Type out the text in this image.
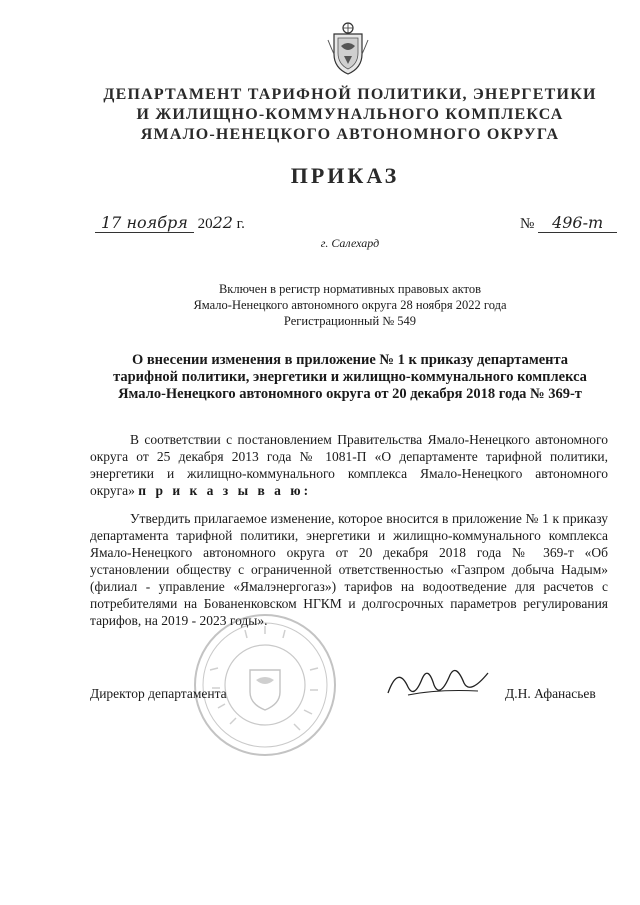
ДЕПАРТАМЕНТ ТАРИФНОЙ ПОЛИТИКИ, ЭНЕРГЕТИКИ
И ЖИЛИЩНО-КОММУНАЛЬНОГО КОМПЛЕКСА
ЯМАЛО-НЕНЕЦКОГО АВТОНОМНОГО ОКРУГА
ПРИКАЗ
17 ноября 2022 г.	№ 496-т
г. Салехард
Включен в регистр нормативных правовых актов
Ямало-Ненецкого автономного округа 28 ноября 2022 года
Регистрационный № 549
О внесении изменения в приложение № 1 к приказу департамента
тарифной политики, энергетики и жилищно-коммунального комплекса
Ямало-Ненецкого автономного округа от 20 декабря 2018 года № 369-т
В соответствии с постановлением Правительства Ямало-Ненецкого автономного округа от 25 декабря 2013 года № 1081-П «О департаменте тарифной политики, энергетики и жилищно-коммунального комплекса Ямало-Ненецкого автономного округа» п р и к а з ы в а ю:
Утвердить прилагаемое изменение, которое вносится в приложение № 1 к приказу департамента тарифной политики, энергетики и жилищно-коммунального комплекса Ямало-Ненецкого автономного округа от 20 декабря 2018 года № 369-т «Об установлении обществу с ограниченной ответственностью «Газпром добыча Надым» (филиал - управление «Ямалэнергогаз») тарифов на водоотведение для расчетов с потребителями на Бованенковском НГКМ и долгосрочных параметров регулирования тарифов, на 2019 - 2023 годы».
Директор департамента	Д.Н. Афанасьев
